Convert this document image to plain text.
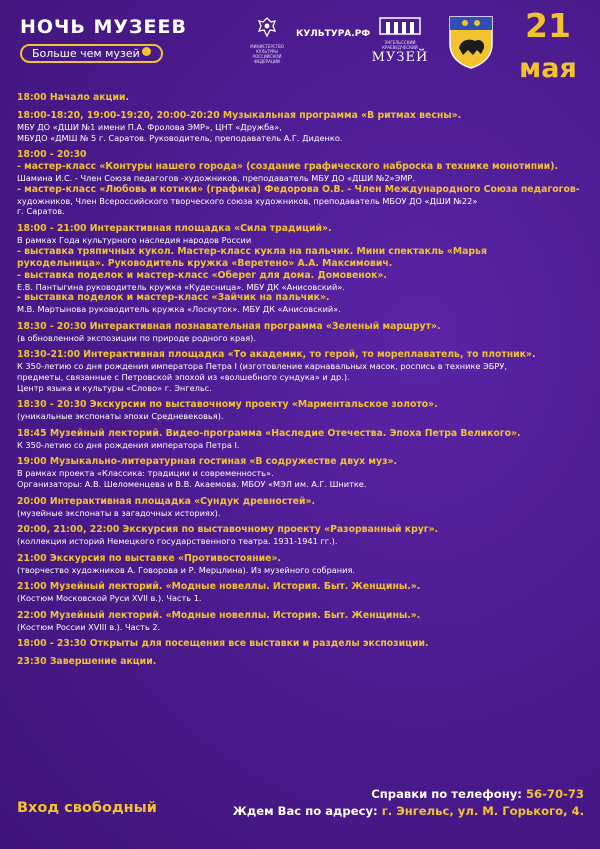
НОЧЬ МУЗЕЕВ
Больше чем музей
МИНИСТЕРСТВО КУЛЬТУРЫ РОССИЙСКОЙ ФЕДЕРАЦИИ
КУЛЬТУРА.РФ
ЭНГЕЛЬССКИЙ КРАЕВЕДЧЕСКИЙ
МУЗЕЙ
21
мая
18:00 Начало акции.
18:00-18:20, 19:00-19:20, 20:00-20:20 Музыкальная программа «В ритмах весны».
МБУ ДО «ДШИ №1 имени П.А. Фролова ЭМР», ЦНТ «Дружба»,
МБУДО «ДМШ № 5 г. Саратов. Руководитель, преподаватель А.Г. Диденко.
18:00 - 20:30
- мастер-класс «Контуры нашего города» (создание графического наброска в технике монотипии).
Шамина И.С. - Член Союза педагогов -художников, преподаватель МБУ ДО «ДШИ №2»ЭМР.
- мастер-класс «Любовь и котики» (графика) Федорова О.В. - Член Международного Союза педагогов-
художников, Член Всероссийского творческого союза художников, преподаватель МБОУ ДО «ДШИ №22»
г. Саратов.
18:00 - 21:00 Интерактивная площадка «Сила традиций».
В рамках Года культурного наследия народов России
- выставка тряпичных кукол. Мастер-класс кукла на пальчик. Мини спектакль «Марья
рукодельница». Руководитель кружка «Веретено» А.А. Максимович.
- выставка поделок и мастер-класс «Оберег для дома. Домовенок».
Е.В. Пантыгина руководитель кружка «Кудесница». МБУ ДК «Анисовский».
- выставка поделок и мастер-класс «Зайчик на пальчик».
М.В. Мартынова руководитель кружка «Лоскуток». МБУ ДК «Анисовский».
18:30 - 20:30 Интерактивная познавательная программа «Зеленый маршрут».
(в обновленной экспозиции по природе родного края).
18:30-21:00 Интерактивная площадка «То академик, то герой, то мореплаватель, то плотник».
К 350-летию со дня рождения императора Петра I (изготовление карнавальных масок, роспись в технике ЭБРУ,
предметы, связанные с Петровской эпохой из «волшебного сундука» и др.).
Центр языка и культуры «Слово» г. Энгельс.
18:30 - 20:30 Экскурсии по выставочному проекту «Мариентальское золото».
(уникальные экспонаты эпохи Средневековья).
18:45 Музейный лекторий. Видео-программа «Наследие Отечества. Эпоха Петра Великого».
К 350-летию со дня рождения императора Петра I.
19:00 Музыкально-литературная гостиная «В содружестве двух муз».
В рамках проекта «Классика: традиции и современность».
Организаторы: А.В. Шеломенцева и В.В. Акаемова. МБОУ «МЭЛ им. А.Г. Шнитке.
20:00 Интерактивная площадка «Сундук древностей».
(музейные экспонаты в загадочных историях).
20:00, 21:00, 22:00 Экскурсия по выставочному проекту «Разорванный круг».
(коллекция историй Немецкого государственного театра. 1931-1941 гг.).
21:00 Экскурсия по выставке «Противостояние».
(творчество художников А. Говорова и Р. Мерцлина). Из музейного собрания.
21:00 Музейный лекторий. «Модные новеллы. История. Быт. Женщины.».
(Костюм Московской Руси XVII в.). Часть 1.
22:00 Музейный лекторий. «Модные новеллы. История. Быт. Женщины.».
(Костюм России XVIII в.). Часть 2.
18:00 - 23:30 Открыты для посещения все выставки и разделы экспозиции.
23:30 Завершение акции.
Вход свободный
Справки по телефону: 56-70-73
Ждем Вас по адресу: г. Энгельс, ул. М. Горького, 4.
